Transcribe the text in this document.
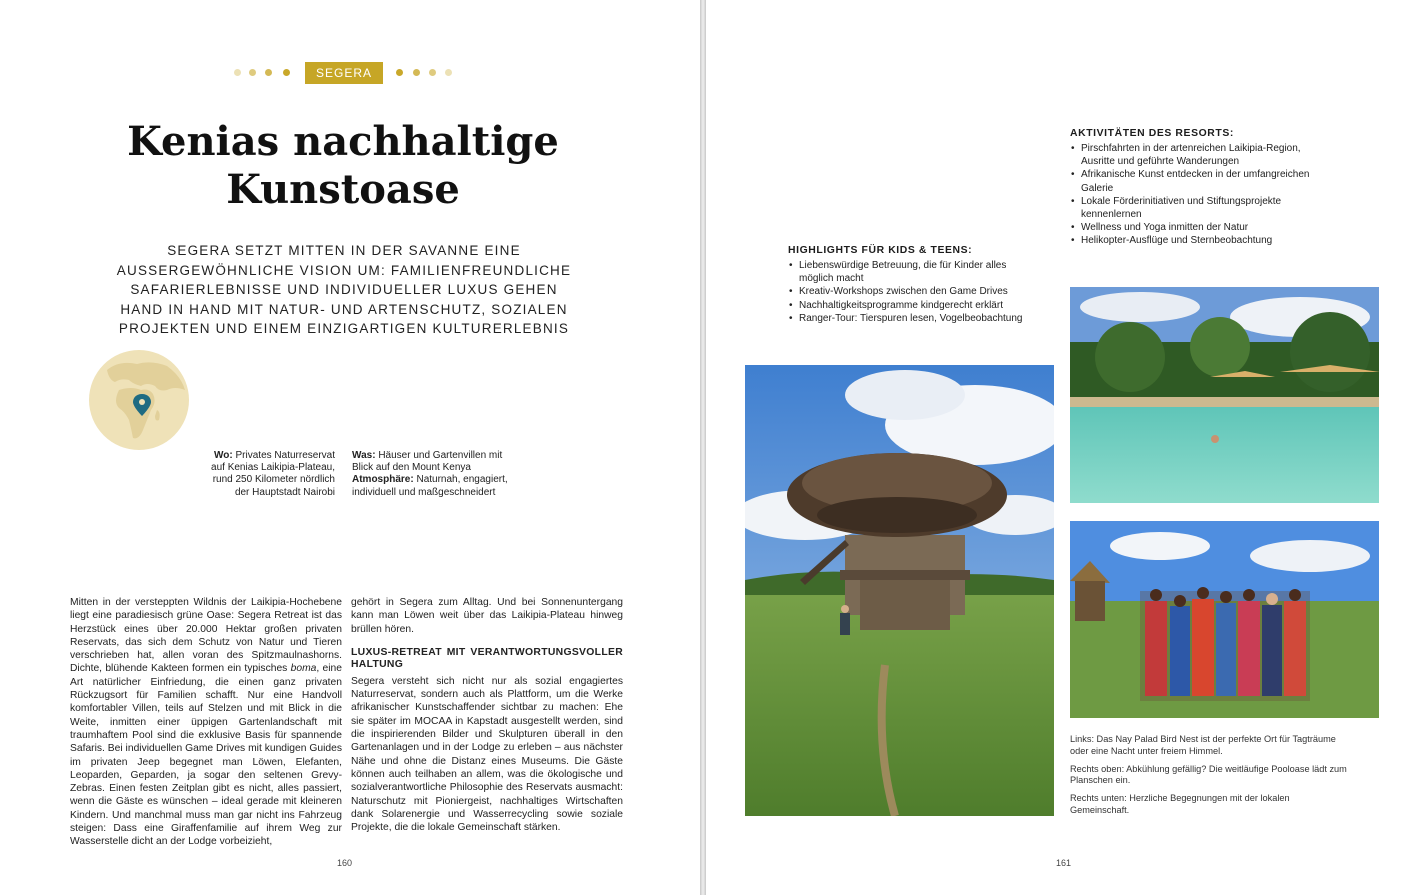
SEGERA
Kenias nachhaltige
Kunstoase

SEGERA SETZT MITTEN IN DER SAVANNE EINE AUSSERGEWÖHNLICHE VISION UM: FAMILIENFREUNDLICHE SAFARIERLEBNISSE UND INDIVIDUELLER LUXUS GEHEN HAND IN HAND MIT NATUR- UND ARTENSCHUTZ, SOZIALEN PROJEKTEN UND EINEM EINZIGARTIGEN KULTURERLEBNIS

Wo: Privates Naturreservat auf Kenias Laikipia-Plateau, rund 250 Kilometer nördlich der Hauptstadt Nairobi
Was: Häuser und Gartenvillen mit Blick auf den Mount Kenya
Atmosphäre: Naturnah, engagiert, individuell und maßgeschneidert
Mitten in der versteppten Wildnis der Laikipia-Hochebene liegt eine paradiesisch grüne Oase: Segera Retreat ist das Herzstück eines über 20.000 Hektar großen privaten Reservats, das sich dem Schutz von Natur und Tieren verschrieben hat, allen voran des Spitzmaulnashorns. Dichte, blühende Kakteen formen ein typisches boma, eine Art natürlicher Einfriedung, die einen ganz privaten Rückzugsort für Familien schafft. Nur eine Handvoll komfortabler Villen, teils auf Stelzen und mit Blick in die Weite, inmitten einer üppigen Gartenlandschaft mit traumhaftem Pool sind die exklusive Basis für spannende Safaris. Bei individuellen Game Drives mit kundigen Guides im privaten Jeep begegnet man Löwen, Elefanten, Leoparden, Geparden, ja sogar den seltenen Grevy-Zebras. Einen festen Zeitplan gibt es nicht, alles passiert, wenn die Gäste es wünschen – ideal gerade mit kleineren Kindern. Und manchmal muss man gar nicht ins Fahrzeug steigen: Dass eine Giraffenfamilie auf ihrem Weg zur Wasserstelle dicht an der Lodge vorbeizieht,

gehört in Segera zum Alltag. Und bei Sonnenuntergang kann man Löwen weit über das Laikipia-Plateau hinweg brüllen hören.

LUXUS-RETREAT MIT VERANTWORTUNGSVOLLER HALTUNG

Segera versteht sich nicht nur als sozial engagiertes Naturreservat, sondern auch als Plattform, um die Werke afrikanischer Kunstschaffender sichtbar zu machen: Ehe sie später im MOCAA in Kapstadt ausgestellt werden, sind die inspirierenden Bilder und Skulpturen überall in den Gartenanlagen und in der Lodge zu erleben – aus nächster Nähe und ohne die Distanz eines Museums. Die Gäste können auch teilhaben an allem, was die ökologische und sozialverantwortliche Philosophie des Reservats ausmacht: Naturschutz mit Pioniergeist, nachhaltiges Wirtschaften dank Solarenergie und Wasserrecycling sowie soziale Projekte, die die lokale Gemeinschaft stärken.

160
AKTIVITÄTEN DES RESORTS:
• Pirschfahrten in der artenreichen Laikipia-Region, Ausritte und geführte Wanderungen
• Afrikanische Kunst entdecken in der umfangreichen Galerie
• Lokale Förderinitiativen und Stiftungsprojekte kennenlernen
• Wellness und Yoga inmitten der Natur
• Helikopter-Ausflüge und Sternbeobachtung
HIGHLIGHTS FÜR KIDS & TEENS:
• Liebenswürdige Betreuung, die für Kinder alles möglich macht
• Kreativ-Workshops zwischen den Game Drives
• Nachhaltigkeitsprogramme kindgerecht erklärt
• Ranger-Tour: Tierspuren lesen, Vogelbeobachtung

Links: Das Nay Palad Bird Nest ist der perfekte Ort für Tagträume oder eine Nacht unter freiem Himmel.

Rechts oben: Abkühlung gefällig? Die weitläufige Pooloase lädt zum Planschen ein.

Rechts unten: Herzliche Begegnungen mit der lokalen Gemeinschaft.

161
